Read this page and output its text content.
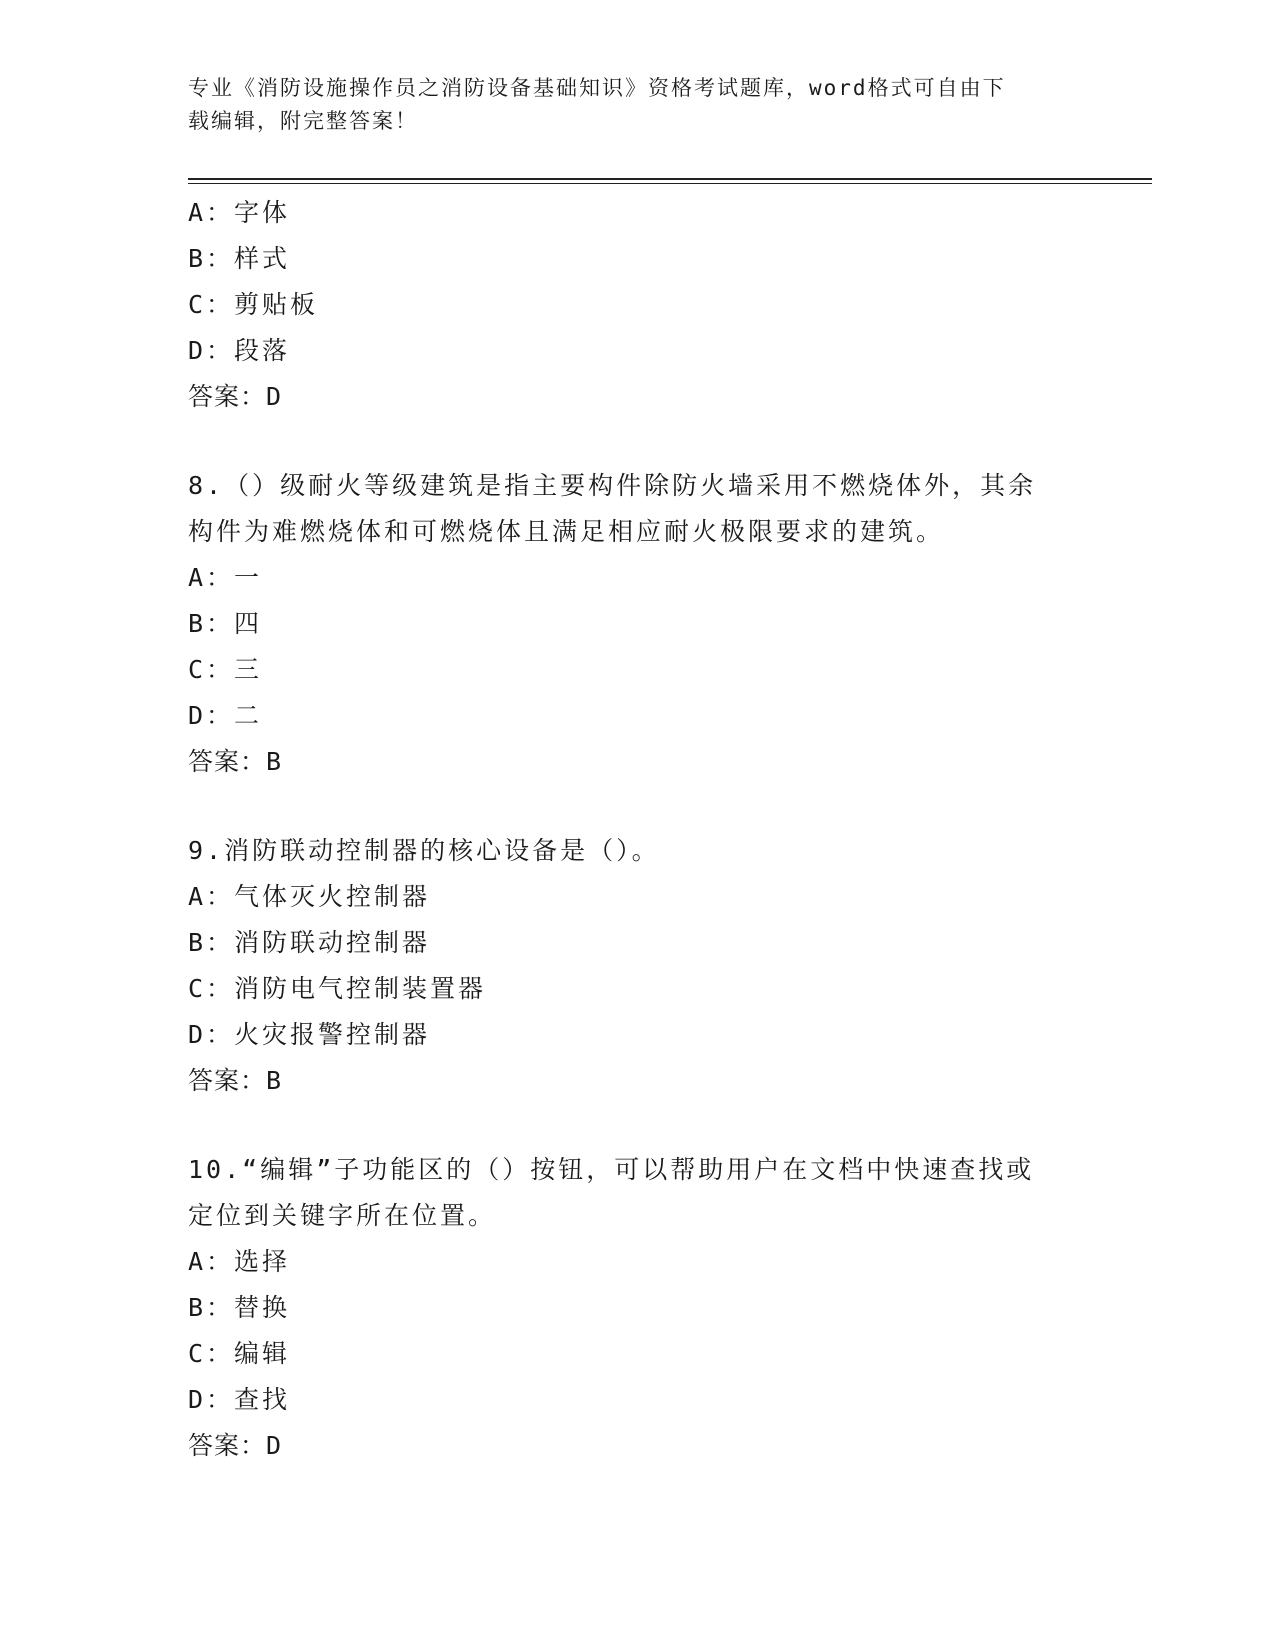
专业《消防设施操作员之消防设备基础知识》资格考试题库，word格式可自由下
载编辑，附完整答案！
A：字体
B：样式
C：剪贴板
D：段落
答案：D
8.（）级耐火等级建筑是指主要构件除防火墙采用不燃烧体外，其余
构件为难燃烧体和可燃烧体且满足相应耐火极限要求的建筑。
A：一
B：四
C：三
D：二
答案：B
9.消防联动控制器的核心设备是（）。
A：气体灭火控制器
B：消防联动控制器
C：消防电气控制装置器
D：火灾报警控制器
答案：B
10.“编辑”子功能区的（）按钮，可以帮助用户在文档中快速查找或
定位到关键字所在位置。
A：选择
B：替换
C：编辑
D：查找
答案：D
